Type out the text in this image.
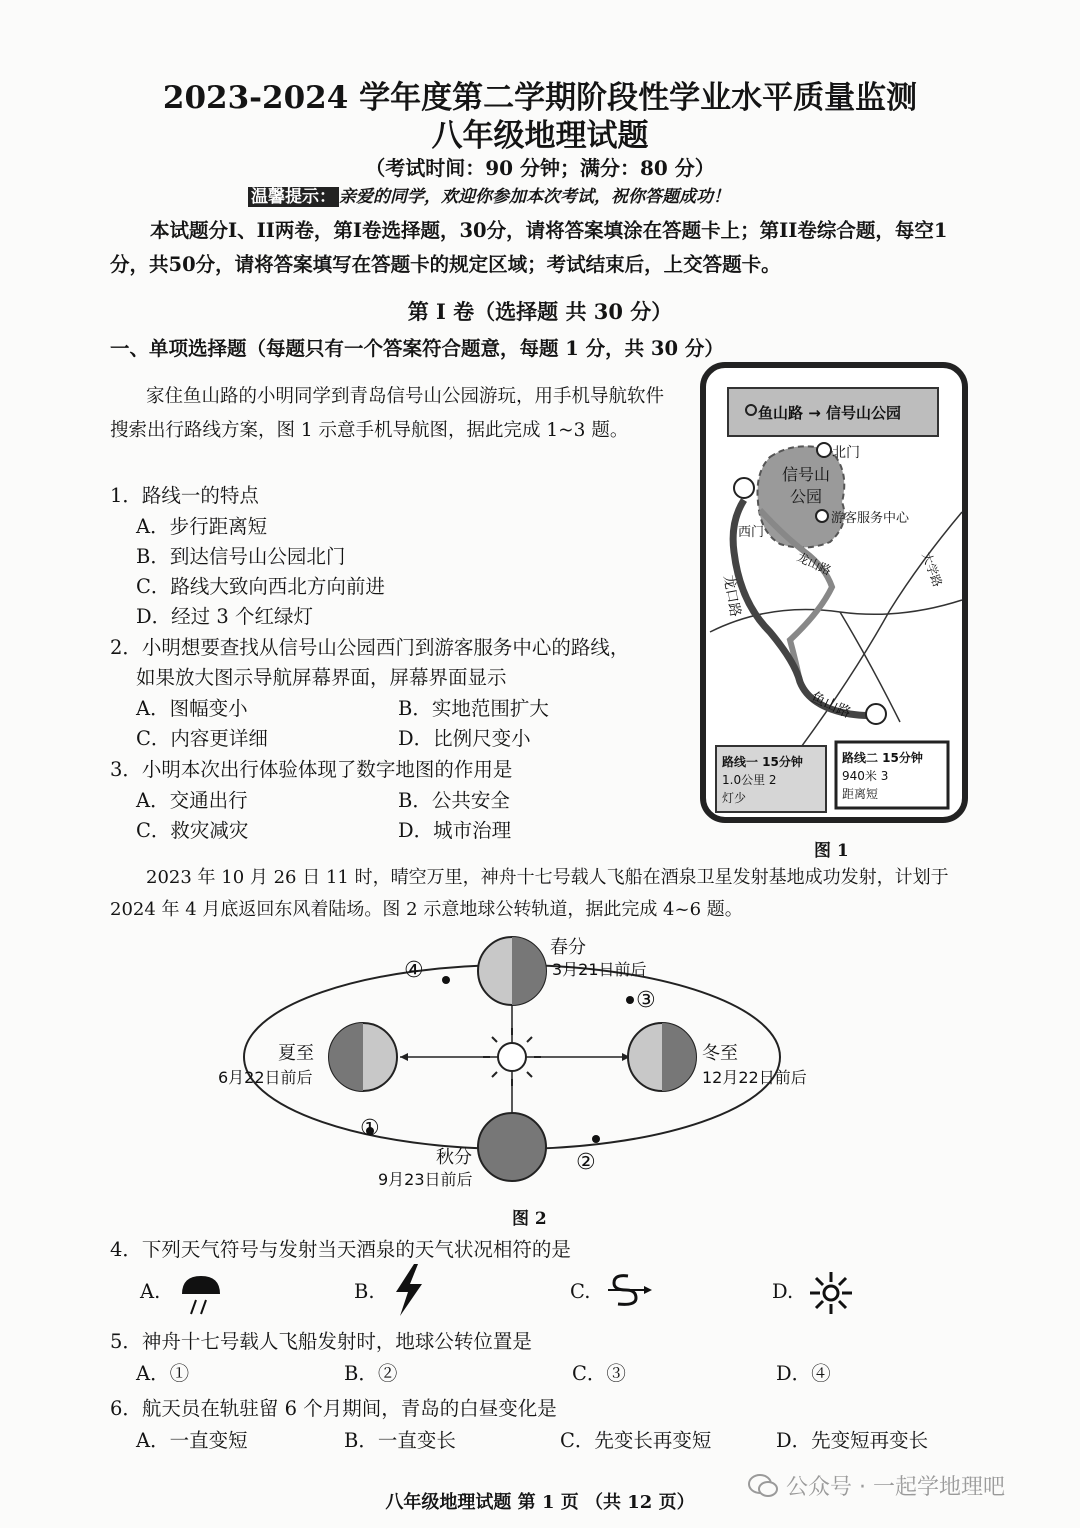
2023-2024 学年度第二学期阶段性学业水平质量监测
八年级地理试题
（考试时间：90 分钟；满分：80 分）
温馨提示： 亲爱的同学，欢迎你参加本次考试，祝你答题成功！
本试题分I、II两卷，第I卷选择题，30分，请将答案填涂在答题卡上；第II卷综合题，每空1分，共50分，请将答案填写在答题卡的规定区域；考试结束后，上交答题卡。
第 I 卷（选择题 共 30 分）
一、单项选择题（每题只有一个答案符合题意，每题 1 分，共 30 分）
家住鱼山路的小明同学到青岛信号山公园游玩，用手机导航软件搜索出行路线方案，图 1 示意手机导航图，据此完成 1~3 题。
1．路线一的特点
A．步行距离短
B．到达信号山公园北门
C．路线大致向西北方向前进
D．经过 3 个红绿灯
2．小明想要查找从信号山公园西门到游客服务中心的路线，
如果放大图示导航屏幕界面，屏幕界面显示
A．图幅变小	B．实地范围扩大
C．内容更详细	D．比例尺变小
3．小明本次出行体验体现了数字地图的作用是
A．交通出行	B．公共安全
C．救灾减灾	D．城市治理
鱼山路 → 信号山公园
北门
信号山
公园
游客服务中心
西门
龙口路
龙山路	大学路
鱼山路
路线一 15分钟
1.0公里 2
灯少
路线二 15分钟
940米 3
距离短
图 1
2023 年 10 月 26 日 11 时，晴空万里，神舟十七号载人飞船在酒泉卫星发射基地成功发射，计划于 2024 年 4 月底返回东风着陆场。图 2 示意地球公转轨道，据此完成 4~6 题。
春分
3月21日前后
夏至
6月22日前后
秋分
9月23日前后
冬至
12月22日前后
①
②
③
④
图 2
4．下列天气符号与发射当天酒泉的天气状况相符的是
A.	B.	C.	D.
5．神舟十七号载人飞船发射时，地球公转位置是
A．①	B．②	C．③	D．④
6．航天员在轨驻留 6 个月期间，青岛的白昼变化是
A．一直变短	B．一直变长	C．先变长再变短	D．先变短再变长
八年级地理试题 第 1 页 （共 12 页）
公众号 · 一起学地理吧
